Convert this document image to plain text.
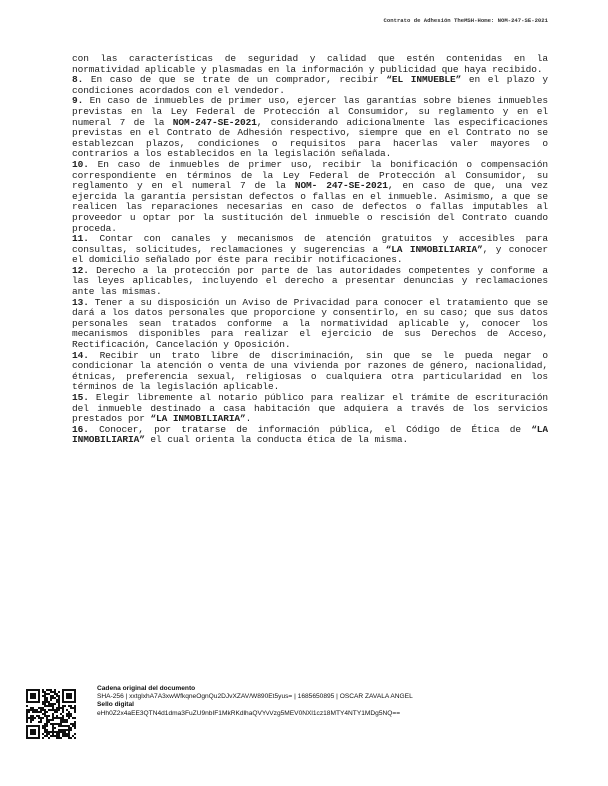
Contrato de Adhesión TheMSH-Home: NOM-247-SE-2021

con las características de seguridad y calidad que estén contenidas en la normatividad aplicable y plasmadas en la información y publicidad que haya recibido.

8. En caso de que se trate de un comprador, recibir “EL INMUEBLE” en el plazo y condiciones acordados con el vendedor.

9. En caso de inmuebles de primer uso, ejercer las garantías sobre bienes inmuebles previstas en la Ley Federal de Protección al Consumidor, su reglamento y en el numeral 7 de la NOM-247-SE-2021, considerando adicionalmente las especificaciones previstas en el Contrato de Adhesión respectivo, siempre que en el Contrato no se establezcan plazos, condiciones o requisitos para hacerlas valer mayores o contrarios a los establecidos en la legislación señalada.

10. En caso de inmuebles de primer uso, recibir la bonificación o compensación correspondiente en términos de la Ley Federal de Protección al Consumidor, su reglamento y en el numeral 7 de la NOM- 247-SE-2021, en caso de que, una vez ejercida la garantía persistan defectos o fallas en el inmueble. Asimismo, a que se realicen las reparaciones necesarias en caso de defectos o fallas imputables al proveedor u optar por la sustitución del inmueble o rescisión del Contrato cuando proceda.

11. Contar con canales y mecanismos de atención gratuitos y accesibles para consultas, solicitudes, reclamaciones y sugerencias a “LA INMOBILIARIA”, y conocer el domicilio señalado por éste para recibir notificaciones.

12. Derecho a la protección por parte de las autoridades competentes y conforme a las leyes aplicables, incluyendo el derecho a presentar denuncias y reclamaciones ante las mismas.

13. Tener a su disposición un Aviso de Privacidad para conocer el tratamiento que se dará a los datos personales que proporcione y consentirlo, en su caso; que sus datos personales sean tratados conforme a la normatividad aplicable y, conocer los mecanismos disponibles para realizar el ejercicio de sus Derechos de Acceso, Rectificación, Cancelación y Oposición.

14. Recibir un trato libre de discriminación, sin que se le pueda negar o condicionar la atención o venta de una vivienda por razones de género, nacionalidad, étnicas, preferencia sexual, religiosas o cualquiera otra particularidad en los términos de la legislación aplicable.

15. Elegir libremente al notario público para realizar el trámite de escrituración del inmueble destinado a casa habitación que adquiera a través de los servicios prestados por “LA INMOBILIARIA”.

16. Conocer, por tratarse de información pública, el Código de Ética de “LA INMOBILIARIA” el cual orienta la conducta ética de la misma.

Cadena original del documento
SHA-256 | xxtglxhA7A3xwWfkqneOgnQu2DJvXZAV/W890Et5yus= | 1685650895 | OSCAR ZAVALA ANGEL
Sello digital
eHh0Z2x4aEE3QTN4d1dma3FuZU9nbIF1MkRKdlhaQVYvVzg5MEV0NXl1cz18MTY4NTY1MDg5NQ==
